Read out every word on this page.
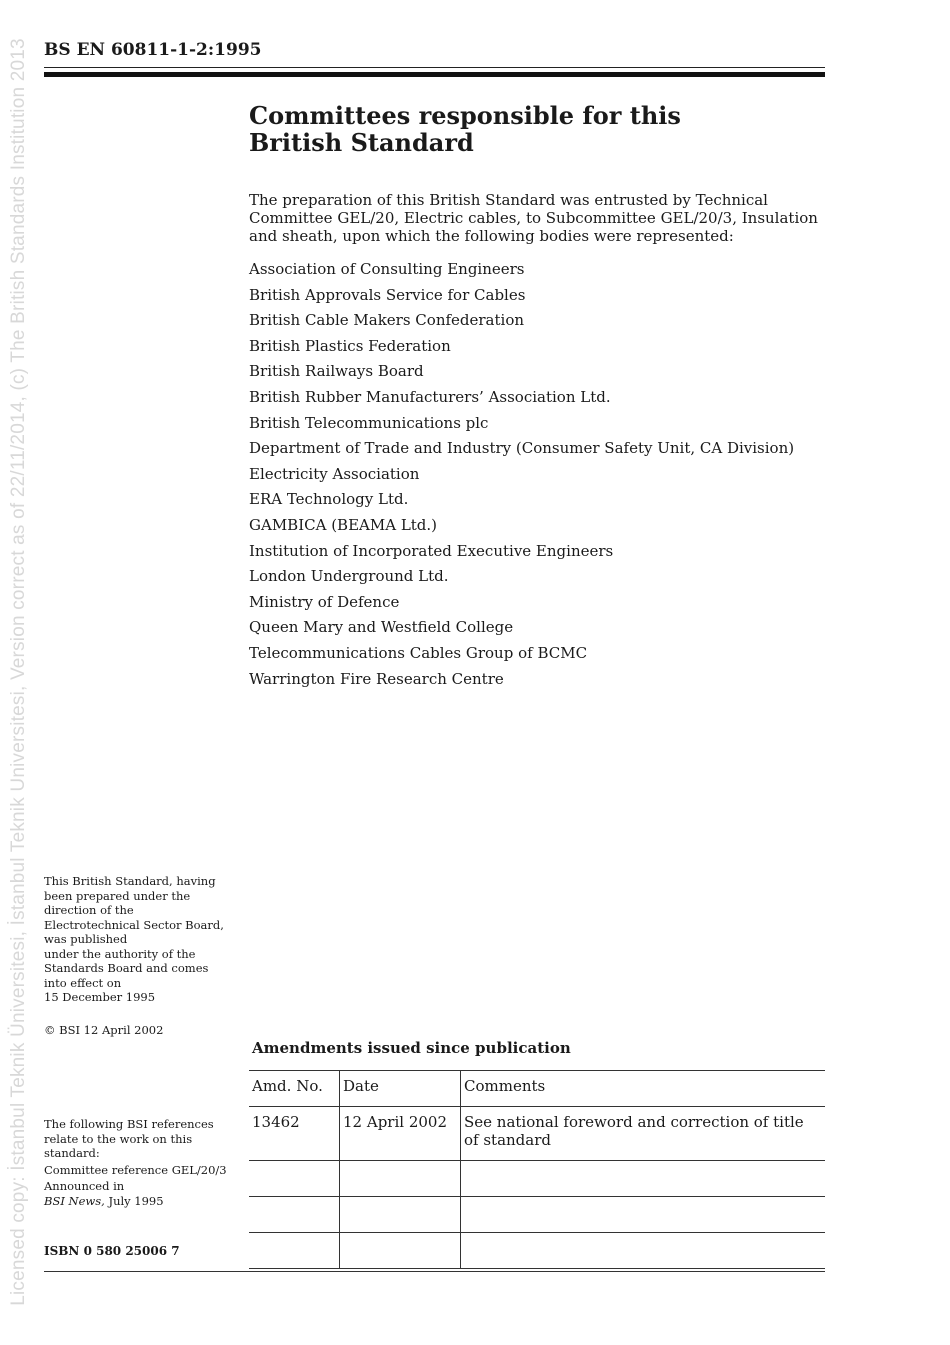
Licensed copy: İstanbul Teknik Üniversitesi, İstanbul Teknik Universitesi, Version correct as of 22/11/2014, (c) The British Standards Institution 2013 BS EN 60811-1-2:1995
Committees responsible for this
British Standard

The preparation of this British Standard was entrusted by Technical Committee GEL/20, Electric cables, to Subcommittee GEL/20/3, Insulation and sheath, upon which the following bodies were represented:

Association of Consulting Engineers
British Approvals Service for Cables
British Cable Makers Confederation
British Plastics Federation
British Railways Board
British Rubber Manufacturers’ Association Ltd.
British Telecommunications plc
Department of Trade and Industry (Consumer Safety Unit, CA Division)
Electricity Association
ERA Technology Ltd.
GAMBICA (BEAMA Ltd.)
Institution of Incorporated Executive Engineers
London Underground Ltd.
Ministry of Defence
Queen Mary and Westfield College
Telecommunications Cables Group of BCMC
Warrington Fire Research Centre

This British Standard, having

been prepared under the

direction of the

Electrotechnical Sector Board,

was published

under the authority of the

Standards Board and comes

into effect on

15 December 1995

© BSI 12 April 2002

The following BSI references

relate to the work on this

standard:

Committee reference GEL/20/3

Announced in

BSI News, July 1995

ISBN 0 580 25006 7
Amendments issued since publication
Amd. No.	Date	Comments
13462	12 April 2002	See national foreword and correction of title of standard
